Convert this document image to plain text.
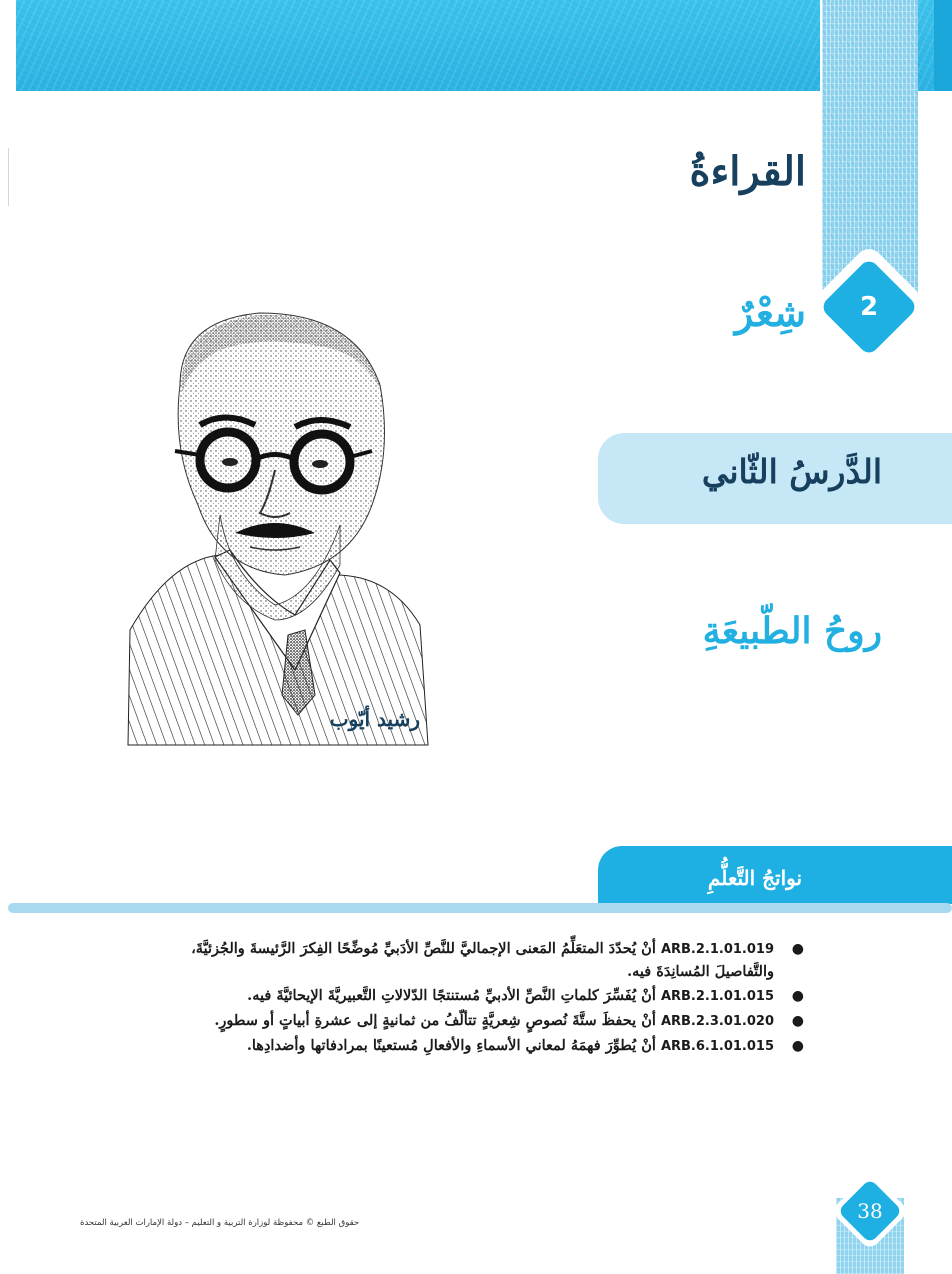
القراءةُ
2
شِعْرٌ
الدَّرسُ الثّاني
روحُ الطّبيعَةِ
رشيد أيّوب
نواتجُ التَّعلُّمِ
●
ARB.2.1.01.019 أنْ يُحدّدَ المتعَلِّمُ المَعنى الإجماليَّ للنَّصِّ الأدَبيِّ مُوضِّحًا الفِكرَ الرَّئيسةَ والجُزئيَّةَ، والتَّفاصيلَ المُسانِدَةَ فيه.
●
ARB.2.1.01.015 أنْ يُفَسِّرَ كلماتِ النَّصِّ الأدبيِّ مُستنتجًا الدّلالاتِ التَّعبيريَّةَ الإيحائيَّةَ فيه.
●
ARB.2.3.01.020 أنْ يحفظَ ستَّةَ نُصوصٍ شِعريَّةٍ تتألّفُ من ثمانيةٍ إلى عشرةِ أبياتٍ أو سطورٍ.
●
ARB.6.1.01.015 أنْ يُطوِّرَ فهمَهُ لمعاني الأسماءِ والأفعالِ مُستعينًا بمرادفاتها وأضدادِها.
حقوق الطبع © محفوظة لوزارة التربية و التعليم – دولة الإمارات العربية المتحدة	38
